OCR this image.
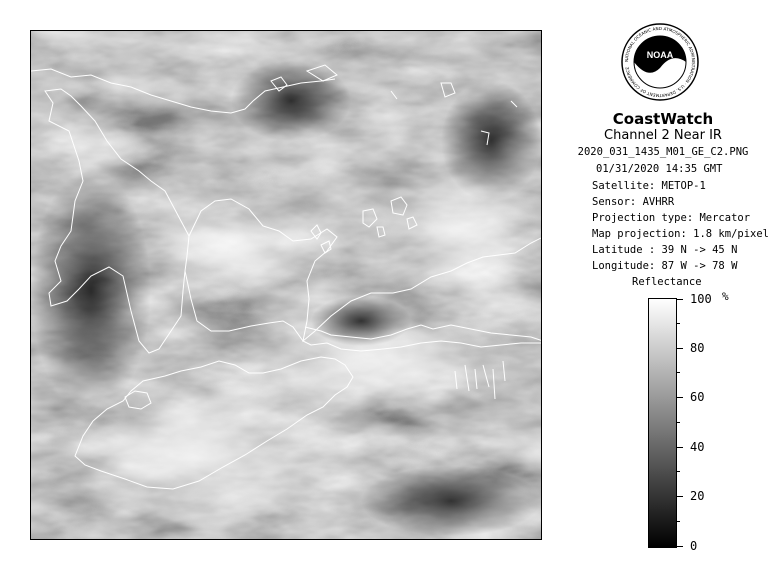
NOAA
NATIONAL OCEANIC AND ATMOSPHERIC ADMINISTRATION · U.S. DEPARTMENT OF COMMERCE
CoastWatch
Channel 2 Near IR
2020_031_1435_M01_GE_C2.PNG
01/31/2020 14:35 GMT
Satellite: METOP-1
Sensor: AVHRR
Projection type: Mercator
Map projection: 1.8 km/pixel
Latitude : 39 N -> 45 N
Longitude: 87 W -> 78 W
Reflectance
%
100
80
60
40
20
0
